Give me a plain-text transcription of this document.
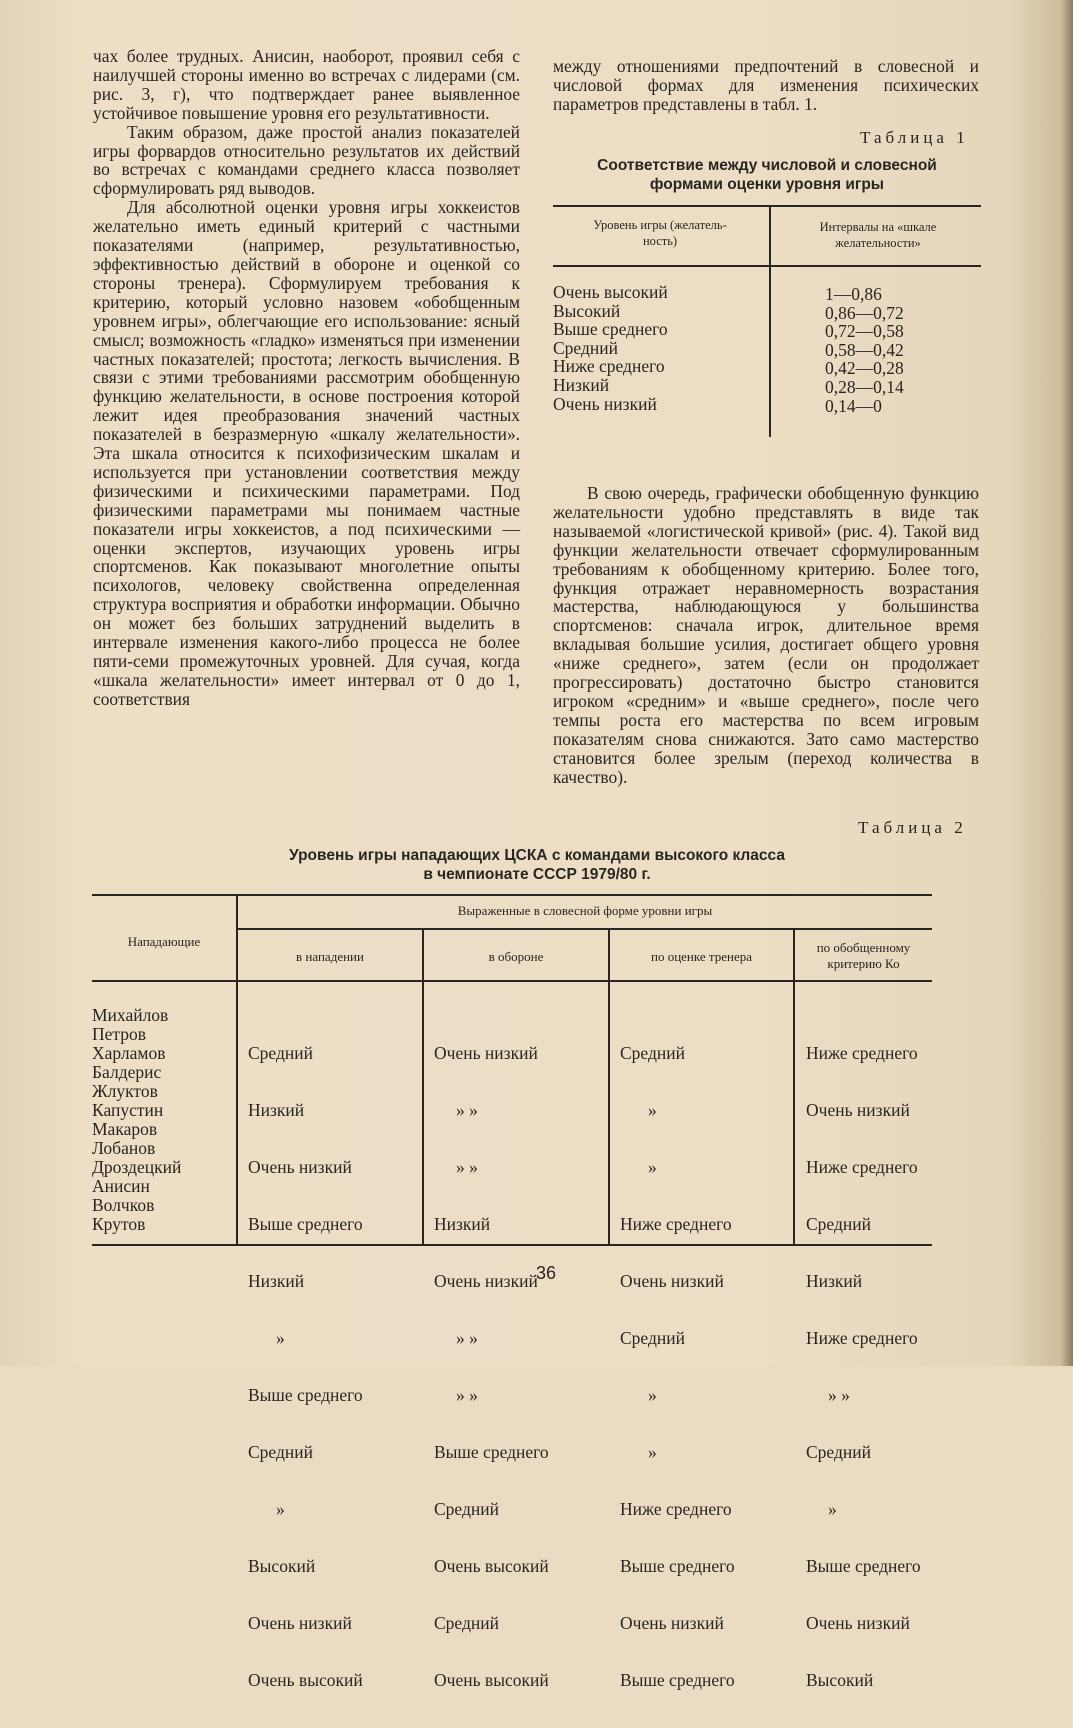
чах более трудных. Анисин, наоборот, проявил себя с наилучшей стороны именно во встречах с лидерами (см. рис. 3, г), что подтверждает ранее выявленное устойчивое повышение уровня его результативности.

Таким образом, даже простой анализ показателей игры форвардов относительно результатов их действий во встречах с командами среднего класса позволяет сформулировать ряд выводов.

Для абсолютной оценки уровня игры хоккеистов желательно иметь единый критерий с частными показателями (например, результативностью, эффективностью действий в обороне и оценкой со стороны тренера). Сформулируем требования к критерию, который условно назовем «обобщенным уровнем игры», облегчающие его использование: ясный смысл; возможность «гладко» изменяться при изменении частных показателей; простота; легкость вычисления. В связи с этими требованиями рассмотрим обобщенную функцию желательности, в основе построения которой лежит идея преобразования значений частных показателей в безразмерную «шкалу желательности». Эта шкала относится к психофизическим шкалам и используется при установлении соответствия между физическими и психическими параметрами. Под физическими параметрами мы понимаем частные показатели игры хоккеистов, а под психическими — оценки экспертов, изучающих уровень игры спортсменов. Как показывают многолетние опыты психологов, человеку свойственна определенная структура восприятия и обработки информации. Обычно он может без больших затруднений выделить в интервале изменения какого-либо процесса не более пяти-семи промежуточных уровней. Для сучая, когда «шкала желательности» имеет интервал от 0 до 1, соответствия

между отношениями предпочтений в словесной и числовой формах для изменения психических параметров представлены в табл. 1.

Таблица 1
Соответствие между числовой и словесной
формами оценки уровня игры
Уровень игры (желатель-
ность)
Интервалы на «шкале
желательности»
Очень высокий
Высокий
Выше среднего
Средний
Ниже среднего
Низкий
Очень низкий
1—0,86
0,86—0,72
0,72—0,58
0,58—0,42
0,42—0,28
0,28—0,14
0,14—0

В свою очередь, графически обобщенную функцию желательности удобно представлять в виде так называемой «логистической кривой» (рис. 4). Такой вид функции желательности отвечает сформулированным требованиям к обобщенному критерию. Более того, функция отражает неравномерность возрастания мастерства, наблюдающуюся у большинства спортсменов: сначала игрок, длительное время вкладывая большие усилия, достигает общего уровня «ниже среднего», затем (если он продолжает прогрессировать) достаточно быстро становится игроком «средним» и «выше среднего», после чего темпы роста его мастерства по всем игровым показателям снова снижаются. Зато само мастерство становится более зрелым (переход количества в качество).

Таблица 2
Уровень игры нападающих ЦСКА с командами высокого класса
в чемпионате СССР 1979/80 г.
Нападающие
Выраженные в словесной форме уровни игры
в нападении	в обороне	по оценке тренера
по обобщенному
критерию Ко
Михайлов
Петров
Харламов
Балдерис
Жлуктов
Капустин
Макаров
Лобанов
Дроздецкий
Анисин
Волчков
Крутов

Средний

Низкий

Очень низкий

Выше среднего

Низкий

»

Выше среднего

Средний

»

Высокий

Очень низкий

Очень высокий

Очень низкий

» »

» »

Низкий

Очень низкий

» »

» »

Выше среднего

Средний

Очень высокий

Средний

Очень высокий

Средний

»

»

Ниже среднего

Очень низкий

Средний

»

»

Ниже среднего

Выше среднего

Очень низкий

Выше среднего

Ниже среднего

Очень низкий

Ниже среднего

Средний

Низкий

Ниже среднего

» »

Средний

»

Выше среднего

Очень низкий

Высокий

36
